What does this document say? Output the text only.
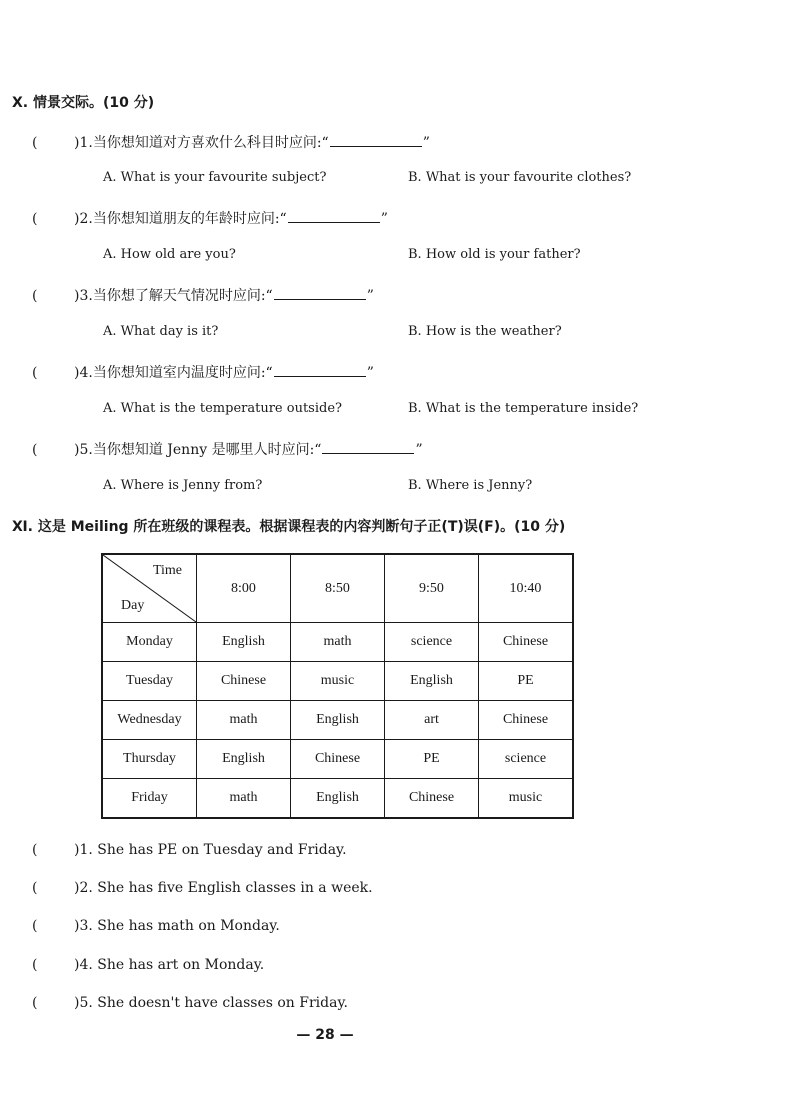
Ⅹ. 情景交际。(10 分)
(	)1. 当你想知道对方喜欢什么科目时应问:“	”
A. What is your favourite subject?	B. What is your favourite clothes?
(	)2. 当你想知道朋友的年龄时应问:“	”
A. How old are you?	B. How old is your father?
(	)3. 当你想了解天气情况时应问:“	”
A. What day is it?	B. How is the weather?
(	)4. 当你想知道室内温度时应问:“	”
A. What is the temperature outside?	B. What is the temperature inside?
(	)5. 当你想知道 Jenny 是哪里人时应问:“	”
A. Where is Jenny from?	B. Where is Jenny?
Ⅺ. 这是 Meiling 所在班级的课程表。根据课程表的内容判断句子正(T)误(F)。(10 分)
Time
Day	8:00	8:50	9:50	10:40
Monday	English	math	science	Chinese
Tuesday	Chinese	music	English	PE
Wednesday	math	English	art	Chinese
Thursday	English	Chinese	PE	science
Friday	math	English	Chinese	music
(	)1. She has PE on Tuesday and Friday.
(	)2. She has five English classes in a week.
(	)3. She has math on Monday.
(	)4. She has art on Monday.
(	)5. She doesn't have classes on Friday.
— 28 —
